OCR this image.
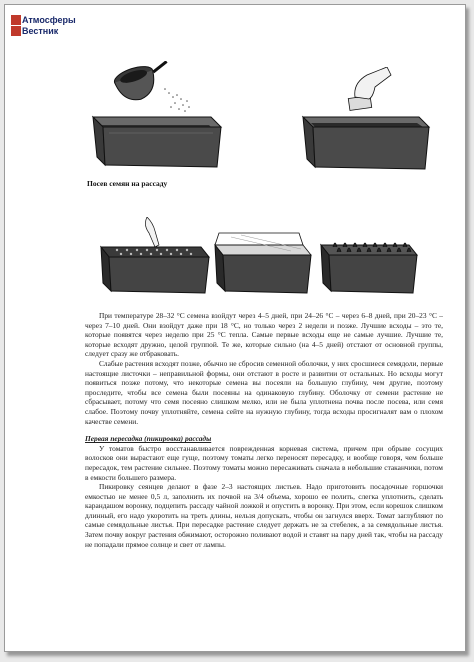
Атмосферы
Вестник
Посев семян на рассаду

При температуре 28–32 °С семена взойдут через 4–5 дней, при 24–26 °С – через 6–8 дней, при 20–23 °С – через 7–10 дней. Они взойдут даже при 18 °С, но только через 2 недели и позже. Лучшие всходы – это те, которые появятся через неделю при 25 °С тепла. Самые первые всходы еще не самые лучшие. Лучшие те, которые всходят дружно, целой группой. Те же, которые сильно (на 4–5 дней) отстают от основной группы, следует сразу же отбраковать.

Слабые растения всходят позже, обычно не сбросив семенной оболочки, у них сросшиеся семядоли, первые настоящие листочки – неправильной формы, они отстают в росте и развитии от остальных. Но всходы могут появиться позже потому, что некоторые семена вы посеяли на большую глубину, чем другие, поэтому проследите, чтобы все семена были посеяны на одинаковую глубину. Оболочку от семени растение не сбрасывает, потому что семя посеяно слишком мелко, или не была уплотнена почва после посева, или семя слабое. Поэтому почву уплотняйте, семена сейте на нужную глубину, тогда всходы просигналят вам о плохом качестве семени.

Первая пересадка (пикировка) рассады

У томатов быстро восстанавливается поврежденная корневая система, причем при обрыве сосущих волосков они вырастают еще гуще, поэтому томаты легко переносят пересадку, и вообще говоря, чем больше пересадок, тем растение сильнее. Поэтому томаты можно пересаживать сначала в небольшие стаканчики, потом в емкости большего размера.

Пикировку сеянцев делают в фазе 2–3 настоящих листьев. Надо приготовить посадочные горшочки емкостью не менее 0,5 л, заполнить их почвой на 3/4 объема, хорошо ее полить, слегка уплотнить, сделать карандашом воронку, подцепить рассаду чайной ложкой и опустить в воронку. При этом, если корешок слишком длинный, его надо укоротить на треть длины, нельзя допускать, чтобы он загнулся вверх. Томат заглубляют по самые семядольные листья. При пересадке растение следует держать не за стебелек, а за семядольные листья. Затем почву вокруг растения обжимают, осторожно поливают водой и ставят на пару дней так, чтобы на рассаду не попадали прямое солнце и свет от лампы.
